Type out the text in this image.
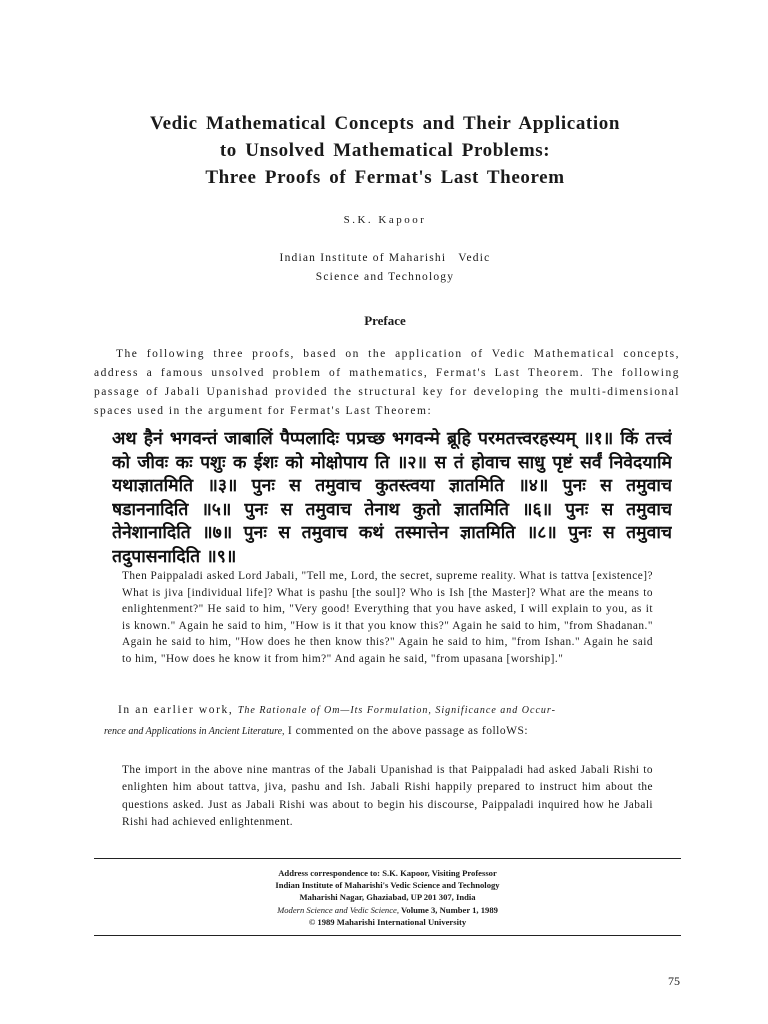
Vedic Mathematical Concepts and Their Application
to Unsolved Mathematical Problems:
Three Proofs of Fermat's Last Theorem
S.K. Kapoor
Indian Institute of Maharishi   Vedic
Science and Technology
Preface
The following three proofs, based on the application of Vedic Mathematical concepts, address a famous unsolved problem of mathematics, Fermat's Last Theorem. The following passage of Jabali Upanishad provided the structural key for developing the multi-dimensional spaces used in the argument for Fermat's Last Theorem:
अथ हैनं भगवन्तं जाबालिं पैप्पलादिः पप्रच्छ भगवन्मे ब्रूहि परमतत्त्वरहस्यम् ॥१॥ किं तत्त्वं को जीवः कः पशुः क ईशः को मोक्षोपाय ति ॥२॥ स तं होवाच साधु पृष्टं सर्वं निवेदयामि यथाज्ञातमिति ॥३॥ पुनः स तमुवाच कुतस्त्वया ज्ञातमिति ॥४॥ पुनः स तमुवाच षडाननादिति ॥५॥ पुनः स तमुवाच तेनाथ कुतो ज्ञातमिति ॥६॥ पुनः स तमुवाच तेनेशानादिति ॥७॥ पुनः स तमुवाच कथं तस्मात्तेन ज्ञातमिति ॥८॥ पुनः स तमुवाच तदुपासनादिति ॥९॥
Then Paippaladi asked Lord Jabali, "Tell me, Lord, the secret, supreme reality. What is tattva [existence]? What is jiva [individual life]? What is pashu [the soul]? Who is Ish [the Master]? What are the means to enlightenment?" He said to him, "Very good! Everything that you have asked, I will explain to you, as it is known." Again he said to him, "How is it that you know this?" Again he said to him, "from Shadanan." Again he said to him, "How does he then know this?" Again he said to him, "from Ishan." Again he said to him, "How does he know it from him?" And again he said, "from upasana [worship]."
In an earlier work, The Rationale of Om—Its Formulation, Significance and Occur-
rence and Applications in Ancient Literature, I commented on the above passage as folloWS:
The import in the above nine mantras of the Jabali Upanishad is that Paippaladi had asked Jabali Rishi to enlighten him about tattva, jiva, pashu and Ish. Jabali Rishi happily prepared to instruct him about the questions asked. Just as Jabali Rishi was about to begin his discourse, Paippaladi inquired how he Jabali Rishi had achieved enlightenment.
Address correspondence to: S.K. Kapoor, Visiting Professor
Indian Institute of Maharishi's Vedic Science and Technology
Maharishi Nagar, Ghaziabad, UP 201 307, India
Modern Science and Vedic Science, Volume 3, Number 1, 1989
© 1989 Maharishi International University
75
